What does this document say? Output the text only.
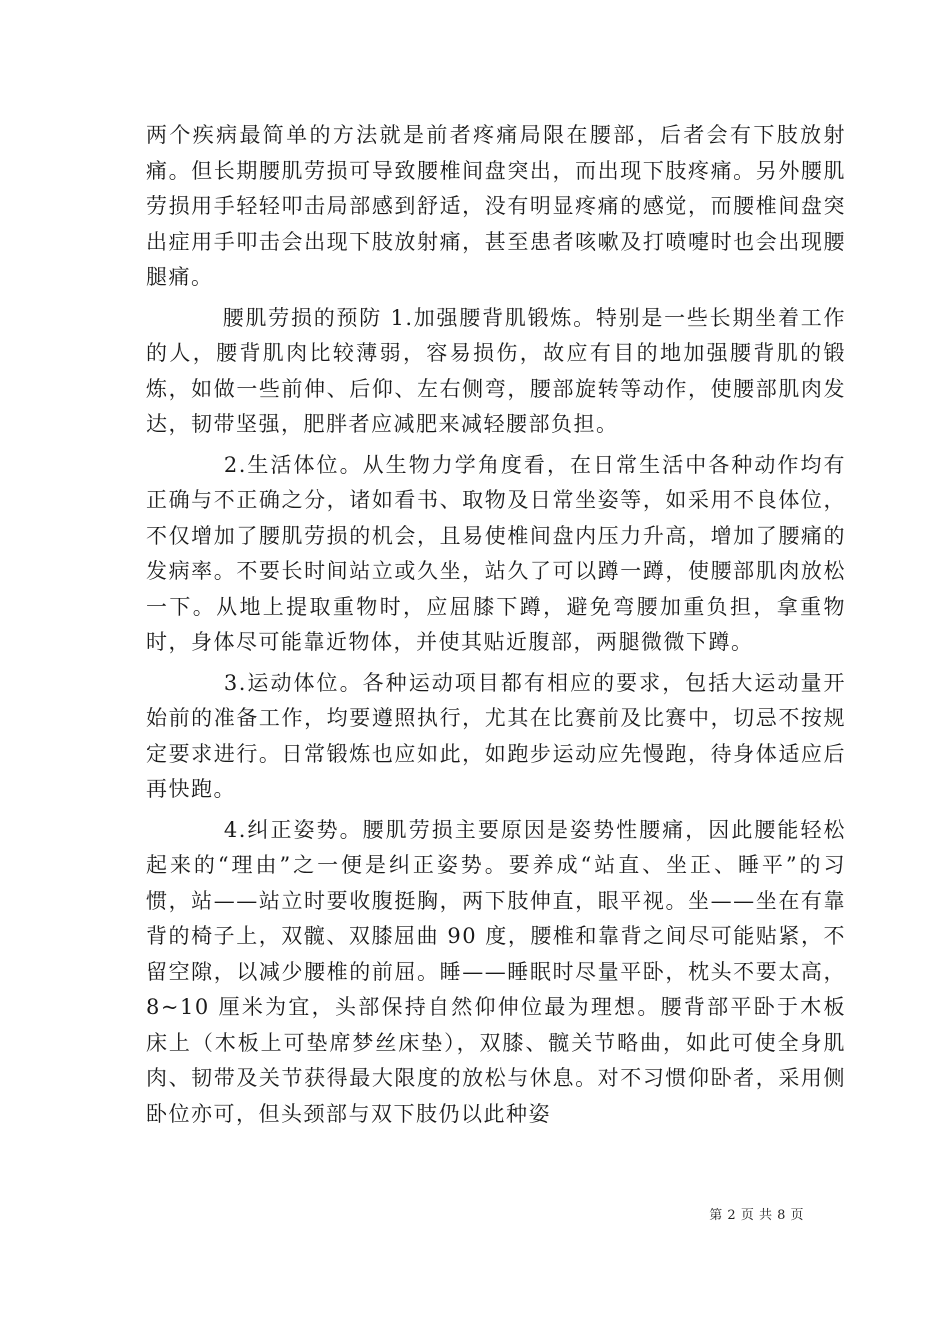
两个疾病最简单的方法就是前者疼痛局限在腰部，后者会有下肢放射痛。但长期腰肌劳损可导致腰椎间盘突出，而出现下肢疼痛。另外腰肌劳损用手轻轻叩击局部感到舒适，没有明显疼痛的感觉，而腰椎间盘突出症用手叩击会出现下肢放射痛，甚至患者咳嗽及打喷嚏时也会出现腰腿痛。

　　　 腰肌劳损的预防 1.加强腰背肌锻炼。特别是一些长期坐着工作的人，腰背肌肉比较薄弱，容易损伤，故应有目的地加强腰背肌的锻炼，如做一些前伸、后仰、左右侧弯，腰部旋转等动作，使腰部肌肉发达，韧带坚强，肥胖者应减肥来减轻腰部负担。

　　　 2.生活体位。从生物力学角度看，在日常生活中各种动作均有正确与不正确之分，诸如看书、取物及日常坐姿等，如采用不良体位，不仅增加了腰肌劳损的机会，且易使椎间盘内压力升高，增加了腰痛的发病率。不要长时间站立或久坐，站久了可以蹲一蹲，使腰部肌肉放松一下。从地上提取重物时，应屈膝下蹲，避免弯腰加重负担，拿重物时，身体尽可能靠近物体，并使其贴近腹部，两腿微微下蹲。

　　　 3.运动体位。各种运动项目都有相应的要求，包括大运动量开始前的准备工作，均要遵照执行，尤其在比赛前及比赛中，切忌不按规定要求进行。日常锻炼也应如此，如跑步运动应先慢跑，待身体适应后再快跑。

　　　 4.纠正姿势。腰肌劳损主要原因是姿势性腰痛，因此腰能轻松起来的“理由”之一便是纠正姿势。要养成“站直、坐正、睡平”的习惯，站——站立时要收腹挺胸，两下肢伸直，眼平视。坐——坐在有靠背的椅子上，双髋、双膝屈曲 90 度，腰椎和靠背之间尽可能贴紧，不留空隙，以减少腰椎的前屈。睡——睡眠时尽量平卧，枕头不要太高，8~10 厘米为宜，头部保持自然仰伸位最为理想。腰背部平卧于木板床上（木板上可垫席梦丝床垫），双膝、髋关节略曲，如此可使全身肌肉、韧带及关节获得最大限度的放松与休息。对不习惯仰卧者，采用侧卧位亦可，但头颈部与双下肢仍以此种姿

第 2 页 共 8 页
